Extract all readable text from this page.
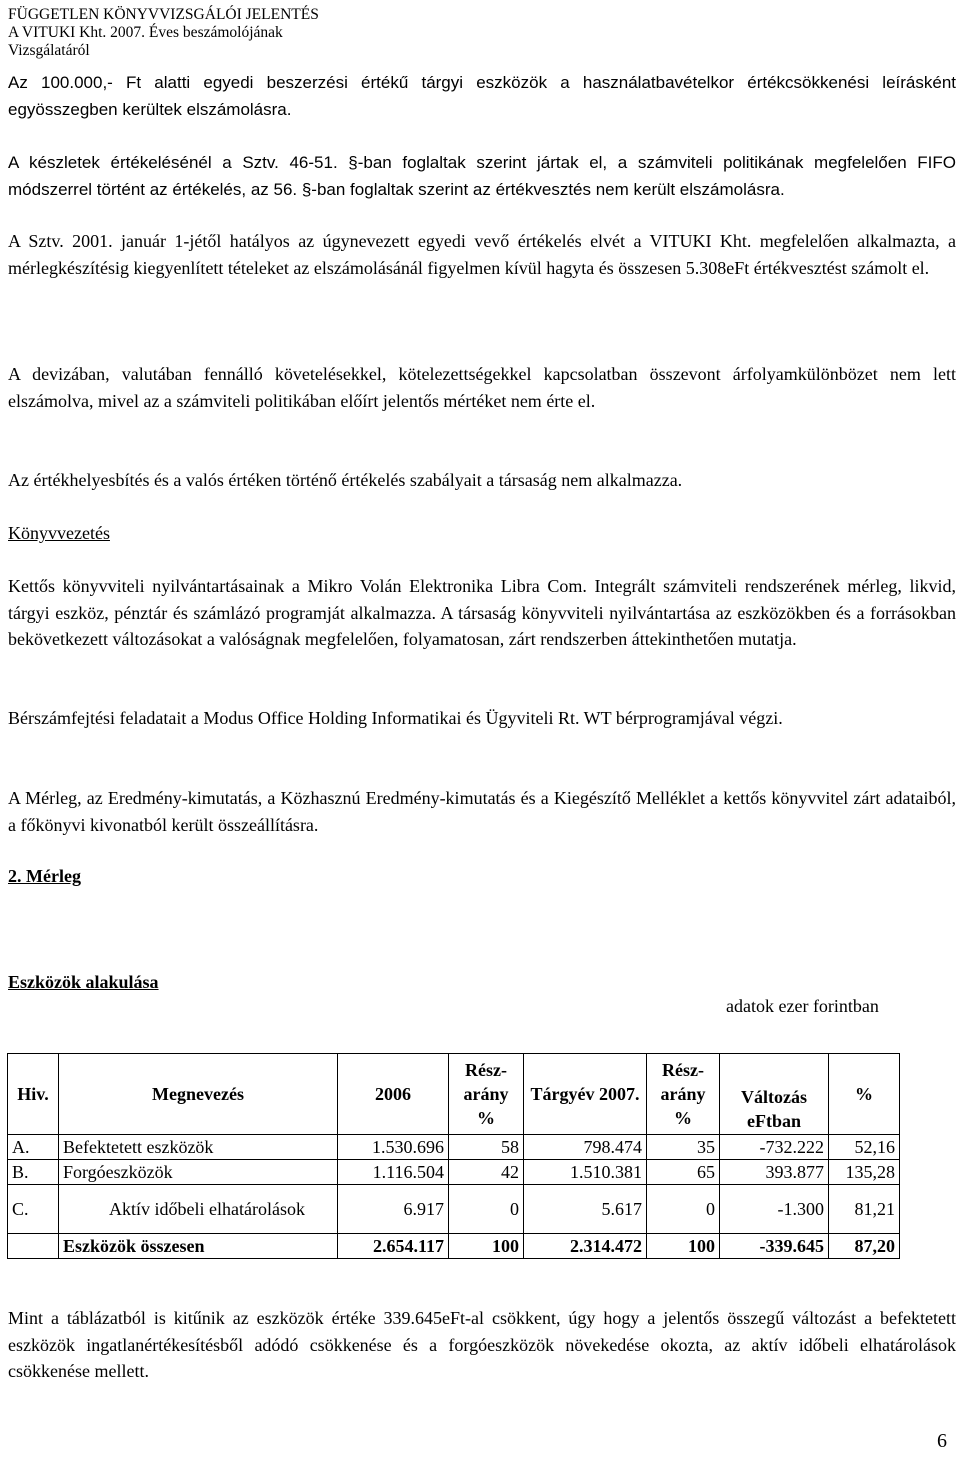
FÜGGETLEN KÖNYVVIZSGÁLÓI JELENTÉS
A VITUKI Kht. 2007. Éves beszámolójának
Vizsgálatáról
Az 100.000,- Ft alatti egyedi beszerzési értékű tárgyi eszközök a használatbavételkor értékcsökkenési leírásként egyösszegben kerültek elszámolásra.
A készletek értékelésénél a Sztv. 46-51. §-ban foglaltak szerint jártak el, a számviteli politikának megfelelően FIFO módszerrel történt az értékelés, az 56. §-ban foglaltak szerint az értékvesztés nem került elszámolásra.
A Sztv. 2001. január 1-jétől hatályos az úgynevezett egyedi vevő értékelés elvét a VITUKI Kht. megfelelően alkalmazta, a mérlegkészítésig kiegyenlített tételeket az elszámolásánál figyelmen kívül hagyta és összesen 5.308eFt értékvesztést számolt el.
A devizában, valutában fennálló követelésekkel, kötelezettségekkel kapcsolatban összevont árfolyamkülönbözet nem lett elszámolva, mivel az a számviteli politikában előírt jelentős mértéket nem érte el.
Az értékhelyesbítés és a valós értéken történő értékelés szabályait a társaság nem alkalmazza.
Könyvvezetés
Kettős könyvviteli nyilvántartásainak a Mikro Volán Elektronika Libra Com. Integrált számviteli rendszerének mérleg, likvid, tárgyi eszköz, pénztár és számlázó programját alkalmazza. A társaság könyvviteli nyilvántartása az eszközökben és a forrásokban bekövetkezett változásokat a valóságnak megfelelően, folyamatosan, zárt rendszerben áttekinthetően mutatja.
Bérszámfejtési feladatait a Modus Office Holding Informatikai és Ügyviteli Rt. WT bérprogramjával végzi.
A Mérleg, az Eredmény-kimutatás, a Közhasznú Eredmény-kimutatás és a Kiegészítő Melléklet a kettős könyvvitel zárt adataiból, a főkönyvi kivonatból került összeállításra.
2. Mérleg
Eszközök alakulása
adatok ezer forintban
Hiv.	Megnevezés	2006	Rész-arány %	Tárgyév 2007.	Rész-arány %	Változás eFtban	%
A.	Befektetett eszközök	1.530.696	58	798.474	35	-732.222	52,16
B.	Forgóeszközök	1.116.504	42	1.510.381	65	393.877	135,28
C.	Aktív időbeli elhatárolások	6.917	0	5.617	0	-1.300	81,21
	Eszközök összesen	2.654.117	100	2.314.472	100	-339.645	87,20
Mint a táblázatból is kitűnik az eszközök értéke 339.645eFt-al csökkent, úgy hogy a jelentős összegű változást a befektetett eszközök ingatlanértékesítésből adódó csökkenése és a forgóeszközök növekedése okozta, az aktív időbeli elhatárolások csökkenése mellett.
6
